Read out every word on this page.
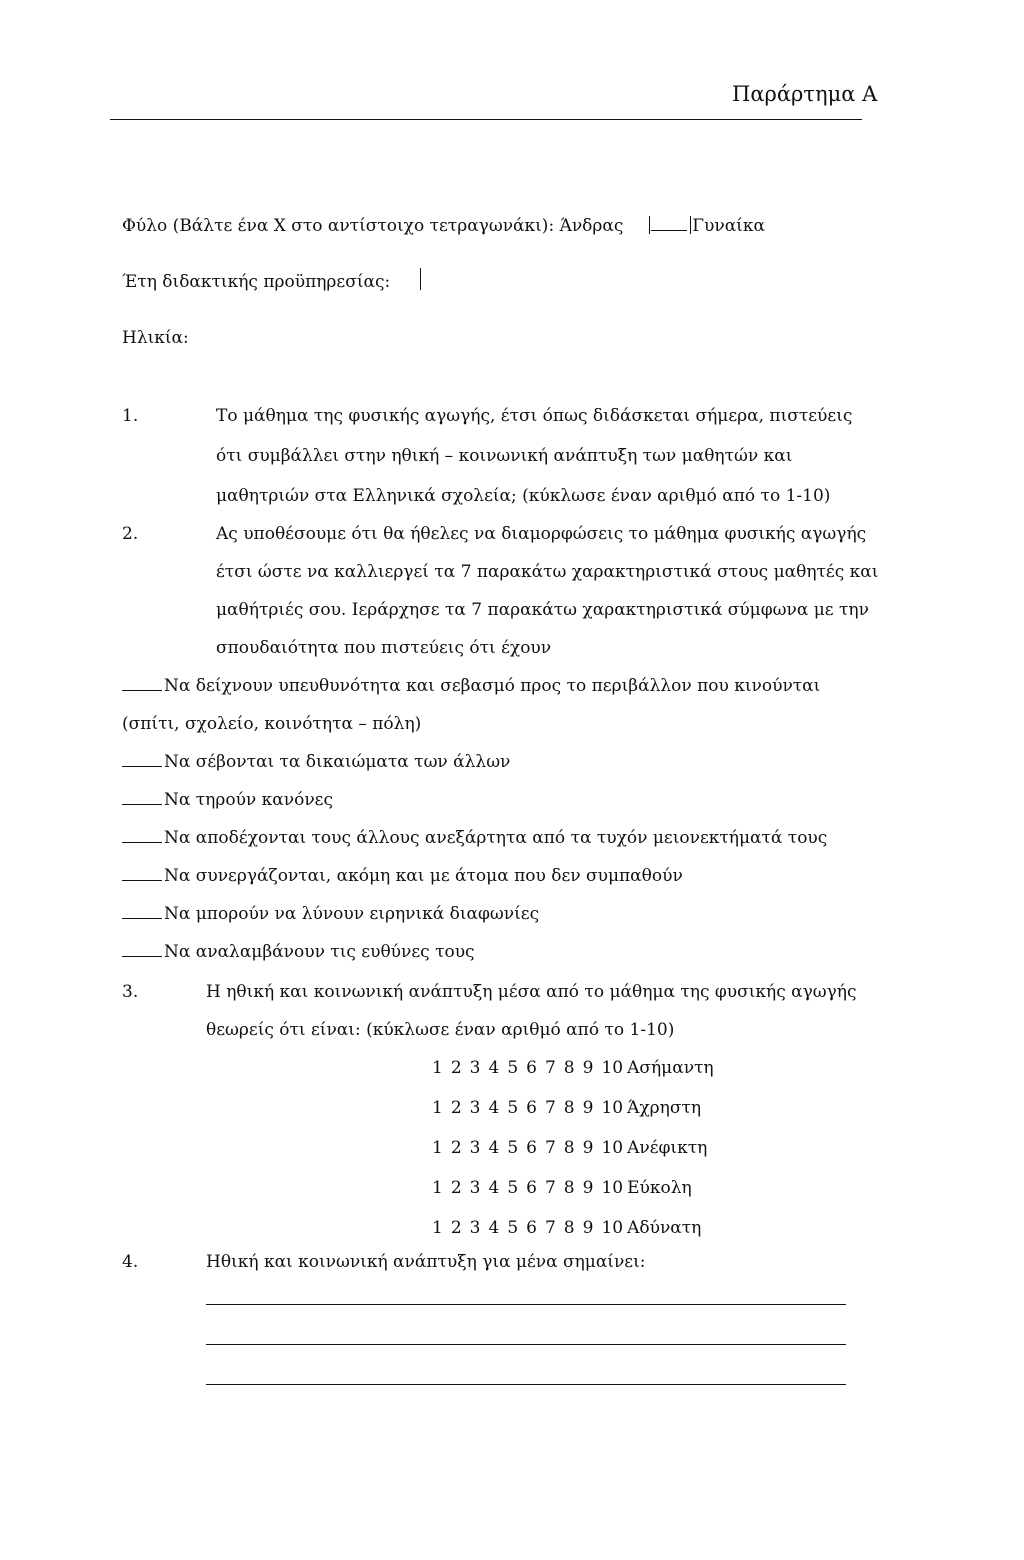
Παράρτημα Α
Φύλο (Βάλτε ένα X στο αντίστοιχο τετραγωνάκι): Άνδρας	Γυναίκα
Έτη διδακτικής προϋπηρεσίας:
Ηλικία:
1.	Το μάθημα της φυσικής αγωγής, έτσι όπως διδάσκεται σήμερα, πιστεύεις
ότι συμβάλλει στην ηθική – κοινωνική ανάπτυξη των μαθητών και
μαθητριών στα Ελληνικά σχολεία; (κύκλωσε έναν αριθμό από το 1-10)
2.	Ας υποθέσουμε ότι θα ήθελες να διαμορφώσεις το μάθημα φυσικής αγωγής
έτσι ώστε να καλλιεργεί τα 7 παρακάτω χαρακτηριστικά στους μαθητές και
μαθήτριές σου. Ιεράρχησε τα 7 παρακάτω χαρακτηριστικά σύμφωνα με την
σπουδαιότητα που πιστεύεις ότι έχουν
Να δείχνουν υπευθυνότητα και σεβασμό προς το περιβάλλον που κινούνται
(σπίτι, σχολείο, κοινότητα – πόλη)
Να σέβονται τα δικαιώματα των άλλων
Να τηρούν κανόνες
Να αποδέχονται τους άλλους ανεξάρτητα από τα τυχόν μειονεκτήματά τους
Να συνεργάζονται, ακόμη και με άτομα που δεν συμπαθούν
Να μπορούν να λύνουν ειρηνικά διαφωνίες
Να αναλαμβάνουν τις ευθύνες τους
3.	Η ηθική και κοινωνική ανάπτυξη μέσα από το μάθημα της φυσικής αγωγής
θεωρείς ότι είναι: (κύκλωσε έναν αριθμό από το 1-10)
1 2 3 4 5 6 7 8 9 10 Ασήμαντη
1 2 3 4 5 6 7 8 9 10 Άχρηστη
1 2 3 4 5 6 7 8 9 10 Ανέφικτη
1 2 3 4 5 6 7 8 9 10 Εύκολη
1 2 3 4 5 6 7 8 9 10 Αδύνατη
4.	Ηθική και κοινωνική ανάπτυξη για μένα σημαίνει:
